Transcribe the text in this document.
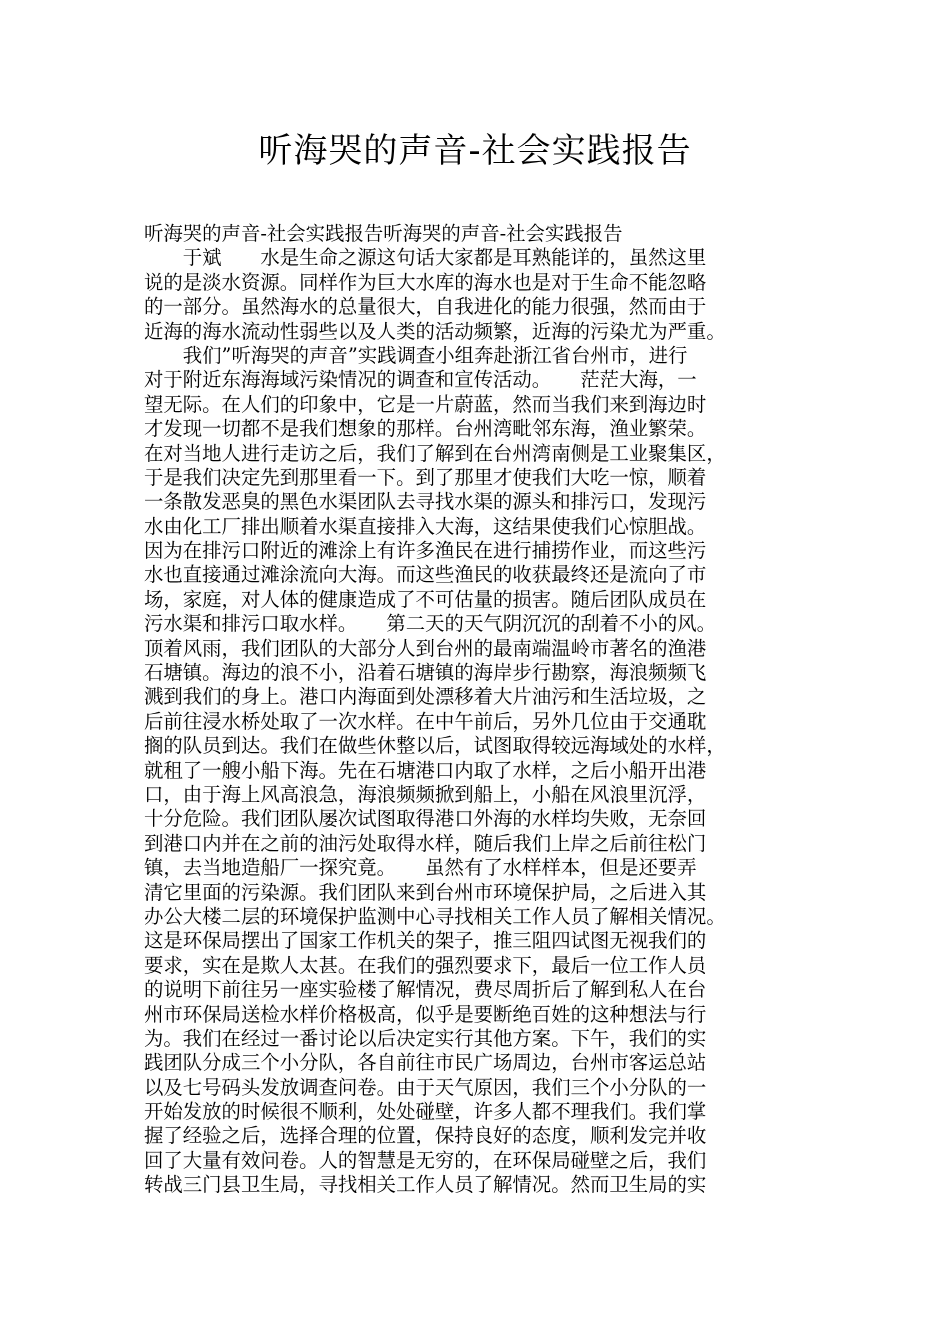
听海哭的声音-社会实践报告
听海哭的声音-社会实践报告听海哭的声音-社会实践报告
　　于斌　　水是生命之源这句话大家都是耳熟能详的，虽然这里
说的是淡水资源。同样作为巨大水库的海水也是对于生命不能忽略
的一部分。虽然海水的总量很大，自我进化的能力很强，然而由于
近海的海水流动性弱些以及人类的活动频繁，近海的污染尤为严重。
　　我们”听海哭的声音”实践调查小组奔赴浙江省台州市，进行
对于附近东海海域污染情况的调查和宣传活动。　　茫茫大海，一
望无际。在人们的印象中，它是一片蔚蓝，然而当我们来到海边时
才发现一切都不是我们想象的那样。台州湾毗邻东海，渔业繁荣。
在对当地人进行走访之后，我们了解到在台州湾南侧是工业聚集区，
于是我们决定先到那里看一下。到了那里才使我们大吃一惊，顺着
一条散发恶臭的黑色水渠团队去寻找水渠的源头和排污口，发现污
水由化工厂排出顺着水渠直接排入大海，这结果使我们心惊胆战。
因为在排污口附近的滩涂上有许多渔民在进行捕捞作业，而这些污
水也直接通过滩涂流向大海。而这些渔民的收获最终还是流向了市
场，家庭，对人体的健康造成了不可估量的损害。随后团队成员在
污水渠和排污口取水样。　　第二天的天气阴沉沉的刮着不小的风。
顶着风雨，我们团队的大部分人到台州的最南端温岭市著名的渔港
石塘镇。海边的浪不小，沿着石塘镇的海岸步行勘察，海浪频频飞
溅到我们的身上。港口内海面到处漂移着大片油污和生活垃圾，之
后前往浸水桥处取了一次水样。在中午前后，另外几位由于交通耽
搁的队员到达。我们在做些休整以后，试图取得较远海域处的水样，
就租了一艘小船下海。先在石塘港口内取了水样，之后小船开出港
口，由于海上风高浪急，海浪频频掀到船上，小船在风浪里沉浮，
十分危险。我们团队屡次试图取得港口外海的水样均失败，无奈回
到港口内并在之前的油污处取得水样，随后我们上岸之后前往松门
镇，去当地造船厂一探究竟。　　虽然有了水样样本，但是还要弄
清它里面的污染源。我们团队来到台州市环境保护局，之后进入其
办公大楼二层的环境保护监测中心寻找相关工作人员了解相关情况。
这是环保局摆出了国家工作机关的架子，推三阻四试图无视我们的
要求，实在是欺人太甚。在我们的强烈要求下，最后一位工作人员
的说明下前往另一座实验楼了解情况，费尽周折后了解到私人在台
州市环保局送检水样价格极高，似乎是要断绝百姓的这种想法与行
为。我们在经过一番讨论以后决定实行其他方案。下午，我们的实
践团队分成三个小分队，各自前往市民广场周边，台州市客运总站
以及七号码头发放调查问卷。由于天气原因，我们三个小分队的一
开始发放的时候很不顺利，处处碰壁，许多人都不理我们。我们掌
握了经验之后，选择合理的位置，保持良好的态度，顺利发完并收
回了大量有效问卷。人的智慧是无穷的，在环保局碰壁之后，我们
转战三门县卫生局，寻找相关工作人员了解情况。然而卫生局的实
